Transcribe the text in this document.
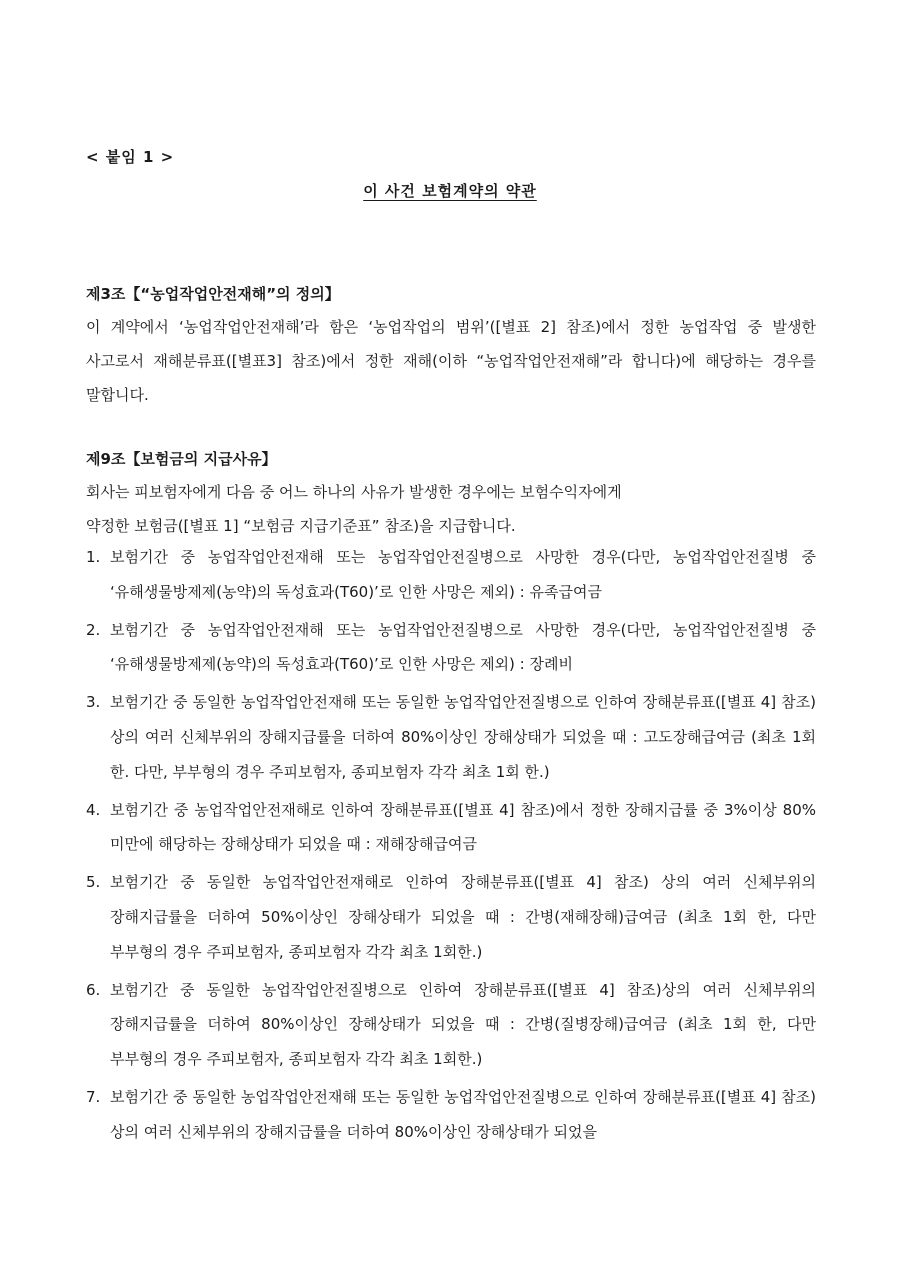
< 붙임 1 >
이 사건 보험계약의 약관
제3조【“농업작업안전재해”의 정의】
이 계약에서 ‘농업작업안전재해’라 함은 ‘농업작업의 범위’([별표 2] 참조)에서 정한 농업작업 중 발생한 사고로서 재해분류표([별표3] 참조)에서 정한 재해(이하 “농업작업안전재해”라 합니다)에 해당하는 경우를 말합니다.
제9조【보험금의 지급사유】
회사는 피보험자에게 다음 중 어느 하나의 사유가 발생한 경우에는 보험수익자에게
약정한 보험금([별표 1] “보험금 지급기준표” 참조)을 지급합니다.
1. 보험기간 중 농업작업안전재해 또는 농업작업안전질병으로 사망한 경우(다만, 농업작업안전질병 중 ‘유해생물방제제(농약)의 독성효과(T60)’로 인한 사망은 제외) : 유족급여금
2. 보험기간 중 농업작업안전재해 또는 농업작업안전질병으로 사망한 경우(다만, 농업작업안전질병 중 ‘유해생물방제제(농약)의 독성효과(T60)’로 인한 사망은 제외) : 장례비
3. 보험기간 중 동일한 농업작업안전재해 또는 동일한 농업작업안전질병으로 인하여 장해분류표([별표 4] 참조)상의 여러 신체부위의 장해지급률을 더하여 80%이상인 장해상태가 되었을 때 : 고도장해급여금 (최초 1회 한. 다만, 부부형의 경우 주피보험자, 종피보험자 각각 최초 1회 한.)
4. 보험기간 중 농업작업안전재해로 인하여 장해분류표([별표 4] 참조)에서 정한 장해지급률 중 3%이상 80% 미만에 해당하는 장해상태가 되었을 때 : 재해장해급여금
5. 보험기간 중 동일한 농업작업안전재해로 인하여 장해분류표([별표 4] 참조) 상의 여러 신체부위의 장해지급률을 더하여 50%이상인 장해상태가 되었을 때 : 간병(재해장해)급여금 (최초 1회 한, 다만 부부형의 경우 주피보험자, 종피보험자 각각 최초 1회한.)
6. 보험기간 중 동일한 농업작업안전질병으로 인하여 장해분류표([별표 4] 참조)상의 여러 신체부위의 장해지급률을 더하여 80%이상인 장해상태가 되었을 때 : 간병(질병장해)급여금 (최초 1회 한, 다만 부부형의 경우 주피보험자, 종피보험자 각각 최초 1회한.)
7. 보험기간 중 동일한 농업작업안전재해 또는 동일한 농업작업안전질병으로 인하여 장해분류표([별표 4] 참조)상의 여러 신체부위의 장해지급률을 더하여 80%이상인 장해상태가 되었을
